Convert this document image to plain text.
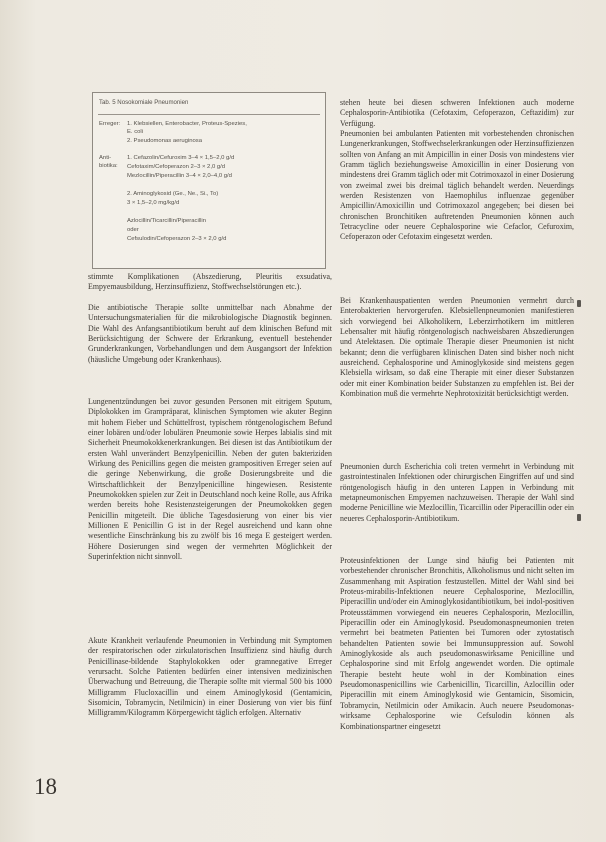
Tab. 5 Nosokomiale Pneumonien
Erreger: 1. Klebsiellen, Enterobacter, Proteus-Spezies,
E. coli
2. Pseudomonas aeruginosa
Anti-
biotika:
1. Cefazolin/Cefuroxim 3–4 × 1,5–2,0 g/d
Cefotaxim/Cefoperazon 2–3 × 2,0 g/d
Mezlocillin/Piperacillin 3–4 × 2,0–4,0 g/d
2. Aminoglykosid (Ge., Ne., Si., To)
3 × 1,5–2,0 mg/kg/d
Azlocillin/Ticarcillin/Piperacillin
oder
Cefsulodin/Cefoperazon 2–3 × 2,0 g/d

stimmte Komplikationen (Abszedierung, Pleuritis exsudativa, Empyemausbildung, Herzinsuffizienz, Stoffwechselstörungen etc.).

Die antibiotische Therapie sollte unmittelbar nach Abnahme der Untersuchungsmaterialien für die mikrobiologische Diagnostik beginnen. Die Wahl des Anfangsantibiotikum beruht auf dem klinischen Befund mit Berücksichtigung der Schwere der Erkrankung, eventuell bestehender Grunderkrankungen, Vorbehandlungen und dem Ausgangsort der Infektion (häusliche Umgebung oder Krankenhaus).

Lungenentzündungen bei zuvor gesunden Personen mit eitrigem Sputum, Diplokokken im Grampräparat, klinischen Symptomen wie akuter Beginn mit hohem Fieber und Schüttelfrost, typischem röntgenologischem Befund einer lobären und/oder lobulären Pneumonie sowie Herpes labialis sind mit Sicherheit Pneumokokkenerkrankungen. Bei diesen ist das Antibiotikum der ersten Wahl unverändert Benzylpenicillin. Neben der guten bakteriziden Wirkung des Penicillins gegen die meisten grampositiven Erreger seien auf die geringe Nebenwirkung, die große Dosierungsbreite und die Wirtschaftlichkeit der Benzylpenicilline hingewiesen. Resistente Pneumokokken spielen zur Zeit in Deutschland noch keine Rolle, aus Afrika werden bereits hohe Resistenzsteigerungen der Pneumokokken gegen Penicillin mitgeteilt. Die übliche Tagesdosierung von einer bis vier Millionen E Penicillin G ist in der Regel ausreichend und kann ohne wesentliche Einschränkung bis zu zwölf bis 16 mega E gesteigert werden. Höhere Dosierungen sind wegen der vermehrten Möglichkeit der Superinfektion nicht sinnvoll.

Akute Krankheit verlaufende Pneumonien in Verbindung mit Symptomen der respiratorischen oder zirkulatorischen Insuffizienz sind häufig durch Penicillinase-bildende Staphylokokken oder gramnegative Erreger verursacht. Solche Patienten bedürfen einer intensiven medizinischen Überwachung und Betreuung, die Therapie sollte mit viermal 500 bis 1000 Milligramm Flucloxacillin und einem Aminoglykosid (Gentamicin, Sisomicin, Tobramycin, Netilmicin) in einer Dosierung von vier bis fünf Milligramm/Kilogramm Körpergewicht täglich erfolgen. Alternativ

stehen heute bei diesen schweren Infektionen auch moderne Cephalosporin-Antibiotika (Cefotaxim, Cefoperazon, Ceftazidim) zur Verfügung.

Pneumonien bei ambulanten Patienten mit vorbestehenden chronischen Lungenerkrankungen, Stoffwechselerkrankungen oder Herzinsuffizienzen sollten von Anfang an mit Ampicillin in einer Dosis von mindestens vier Gramm täglich beziehungsweise Amoxicillin in einer Dosierung von mindestens drei Gramm täglich oder mit Cotrimoxazol in einer Dosierung von zweimal zwei bis dreimal täglich behandelt werden. Neuerdings werden Resistenzen von Haemophilus influenzae gegenüber Ampicillin/Amoxicillin und Cotrimoxazol angegeben; bei diesen bei chronischen Bronchitiken auftretenden Pneumonien können auch Tetracycline oder neuere Cephalosporine wie Cefaclor, Cefuroxim, Cefoperazon oder Cefotaxim eingesetzt werden.

Bei Krankenhauspatienten werden Pneumonien vermehrt durch Enterobakterien hervorgerufen. Klebsiellenpneumonien manifestieren sich vorwiegend bei Alkoholikern, Leberzirrhotikern im mittleren Lebensalter mit häufig röntgenologisch nachweisbaren Abszedierungen und Atelektasen. Die optimale Therapie dieser Pneumonien ist nicht bekannt; denn die verfügbaren klinischen Daten sind bisher noch nicht ausreichend. Cephalosporine und Aminoglykoside sind meistens gegen Klebsiella wirksam, so daß eine Therapie mit einer dieser Substanzen oder mit einer Kombination beider Substanzen zu empfehlen ist. Bei der Kombination muß die vermehrte Nephrotoxizität berücksichtigt werden.

Pneumonien durch Escherichia coli treten vermehrt in Verbindung mit gastrointestinalen Infektionen oder chirurgischen Eingriffen auf und sind röntgenologisch häufig in den unteren Lappen in Verbindung mit metapneumonischen Empyemen nachzuweisen. Therapie der Wahl sind moderne Penicilline wie Mezlocillin, Ticarcillin oder Piperacillin oder ein neueres Cephalosporin-Antibiotikum.

Proteusinfektionen der Lunge sind häufig bei Patienten mit vorbestehender chronischer Bronchitis, Alkoholismus und nicht selten im Zusammenhang mit Aspiration festzustellen. Mittel der Wahl sind bei Proteus-mirabilis-Infektionen neuere Cephalosporine, Mezlocillin, Piperacillin und/oder ein Aminoglykosidantibiotikum, bei indol-positiven Proteusstämmen vorwiegend ein neueres Cephalosporin, Mezlocillin, Piperacillin oder ein Aminoglykosid. Pseudomonaspneumonien treten vermehrt bei beatmeten Patienten bei Tumoren oder zytostatisch behandelten Patienten sowie bei Immunsuppression auf. Sowohl Aminoglykoside als auch pseudomonaswirksame Penicilline und Cephalosporine sind mit Erfolg angewendet worden. Die optimale Therapie besteht heute wohl in der Kombination eines Pseudomonaspenicillins wie Carbenicillin, Ticarcillin, Azlocillin oder Piperacillin mit einem Aminoglykosid wie Gentamicin, Sisomicin, Tobramycin, Netilmicin oder Amikacin. Auch neuere Pseudomonas-wirksame Cephalosporine wie Cefsulodin können als Kombinationspartner eingesetzt

18
